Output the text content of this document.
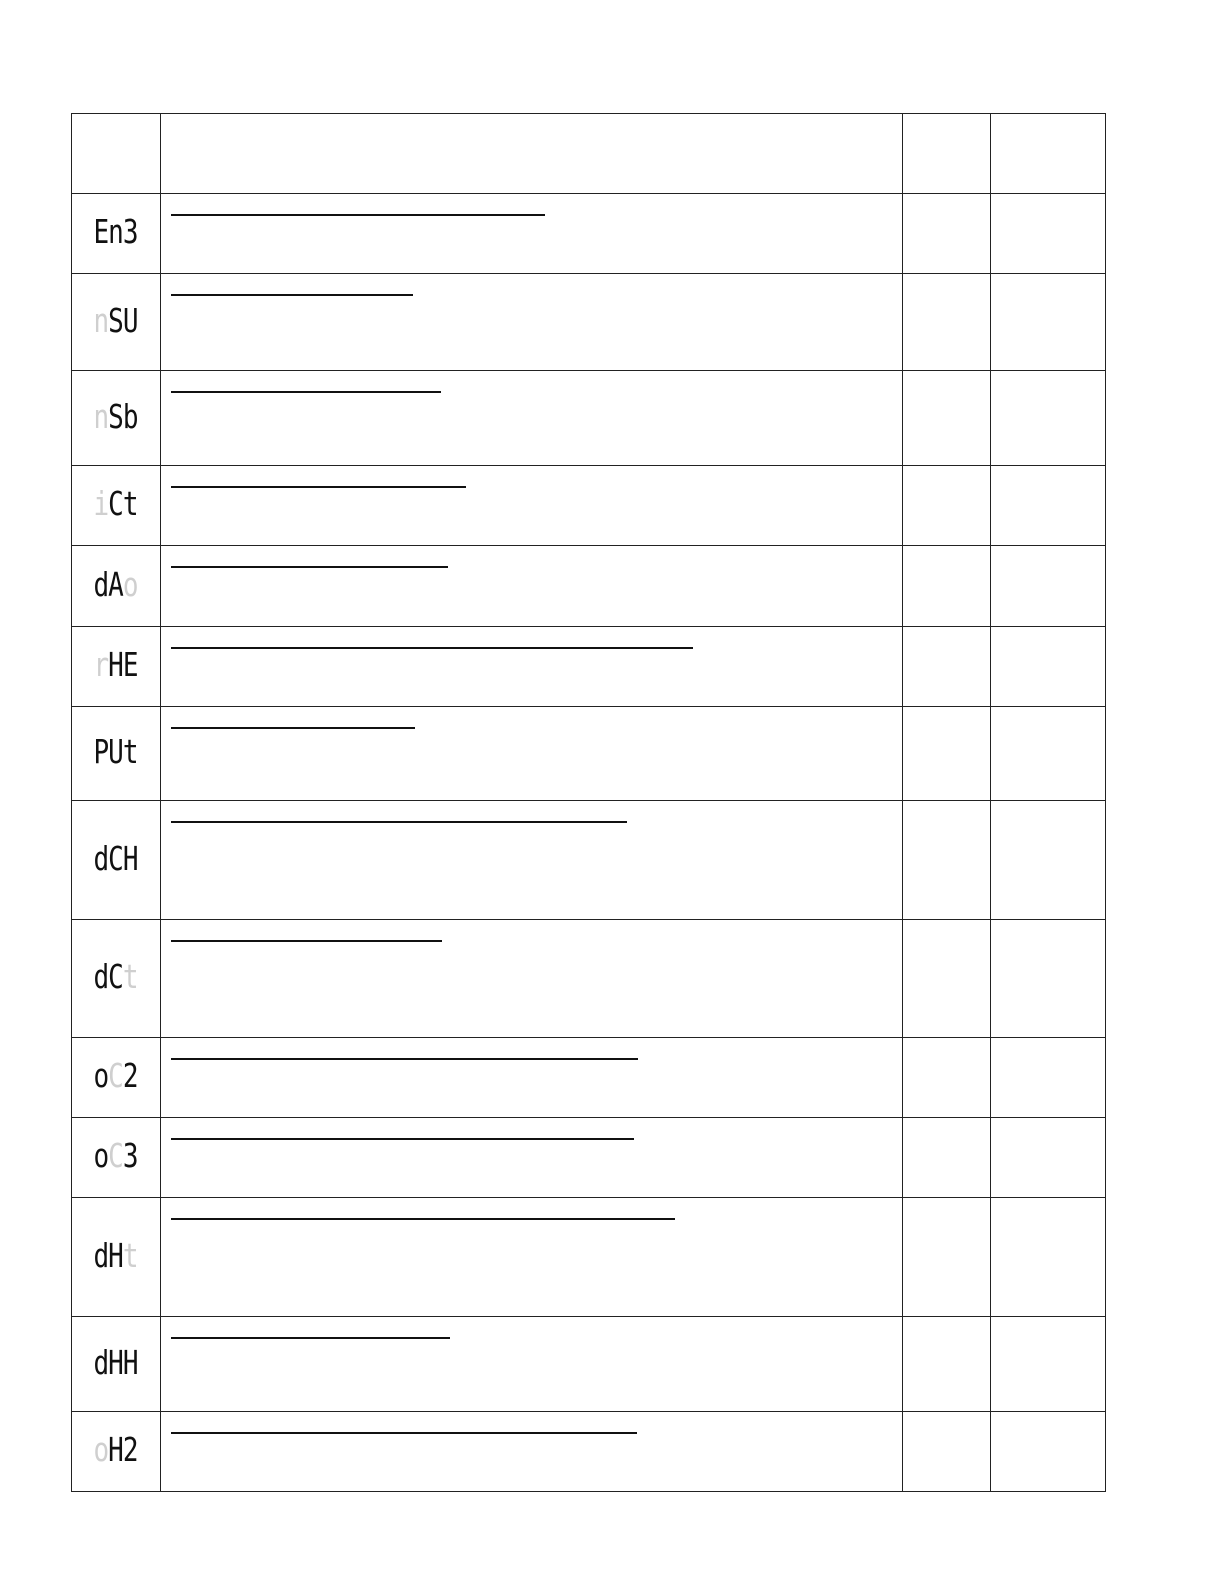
E n 3
n S U
n S b
i C t
d A o
r H E
P U t
d C H
d C t
o C 2
o C 3
d H t
d H H
o H 2
